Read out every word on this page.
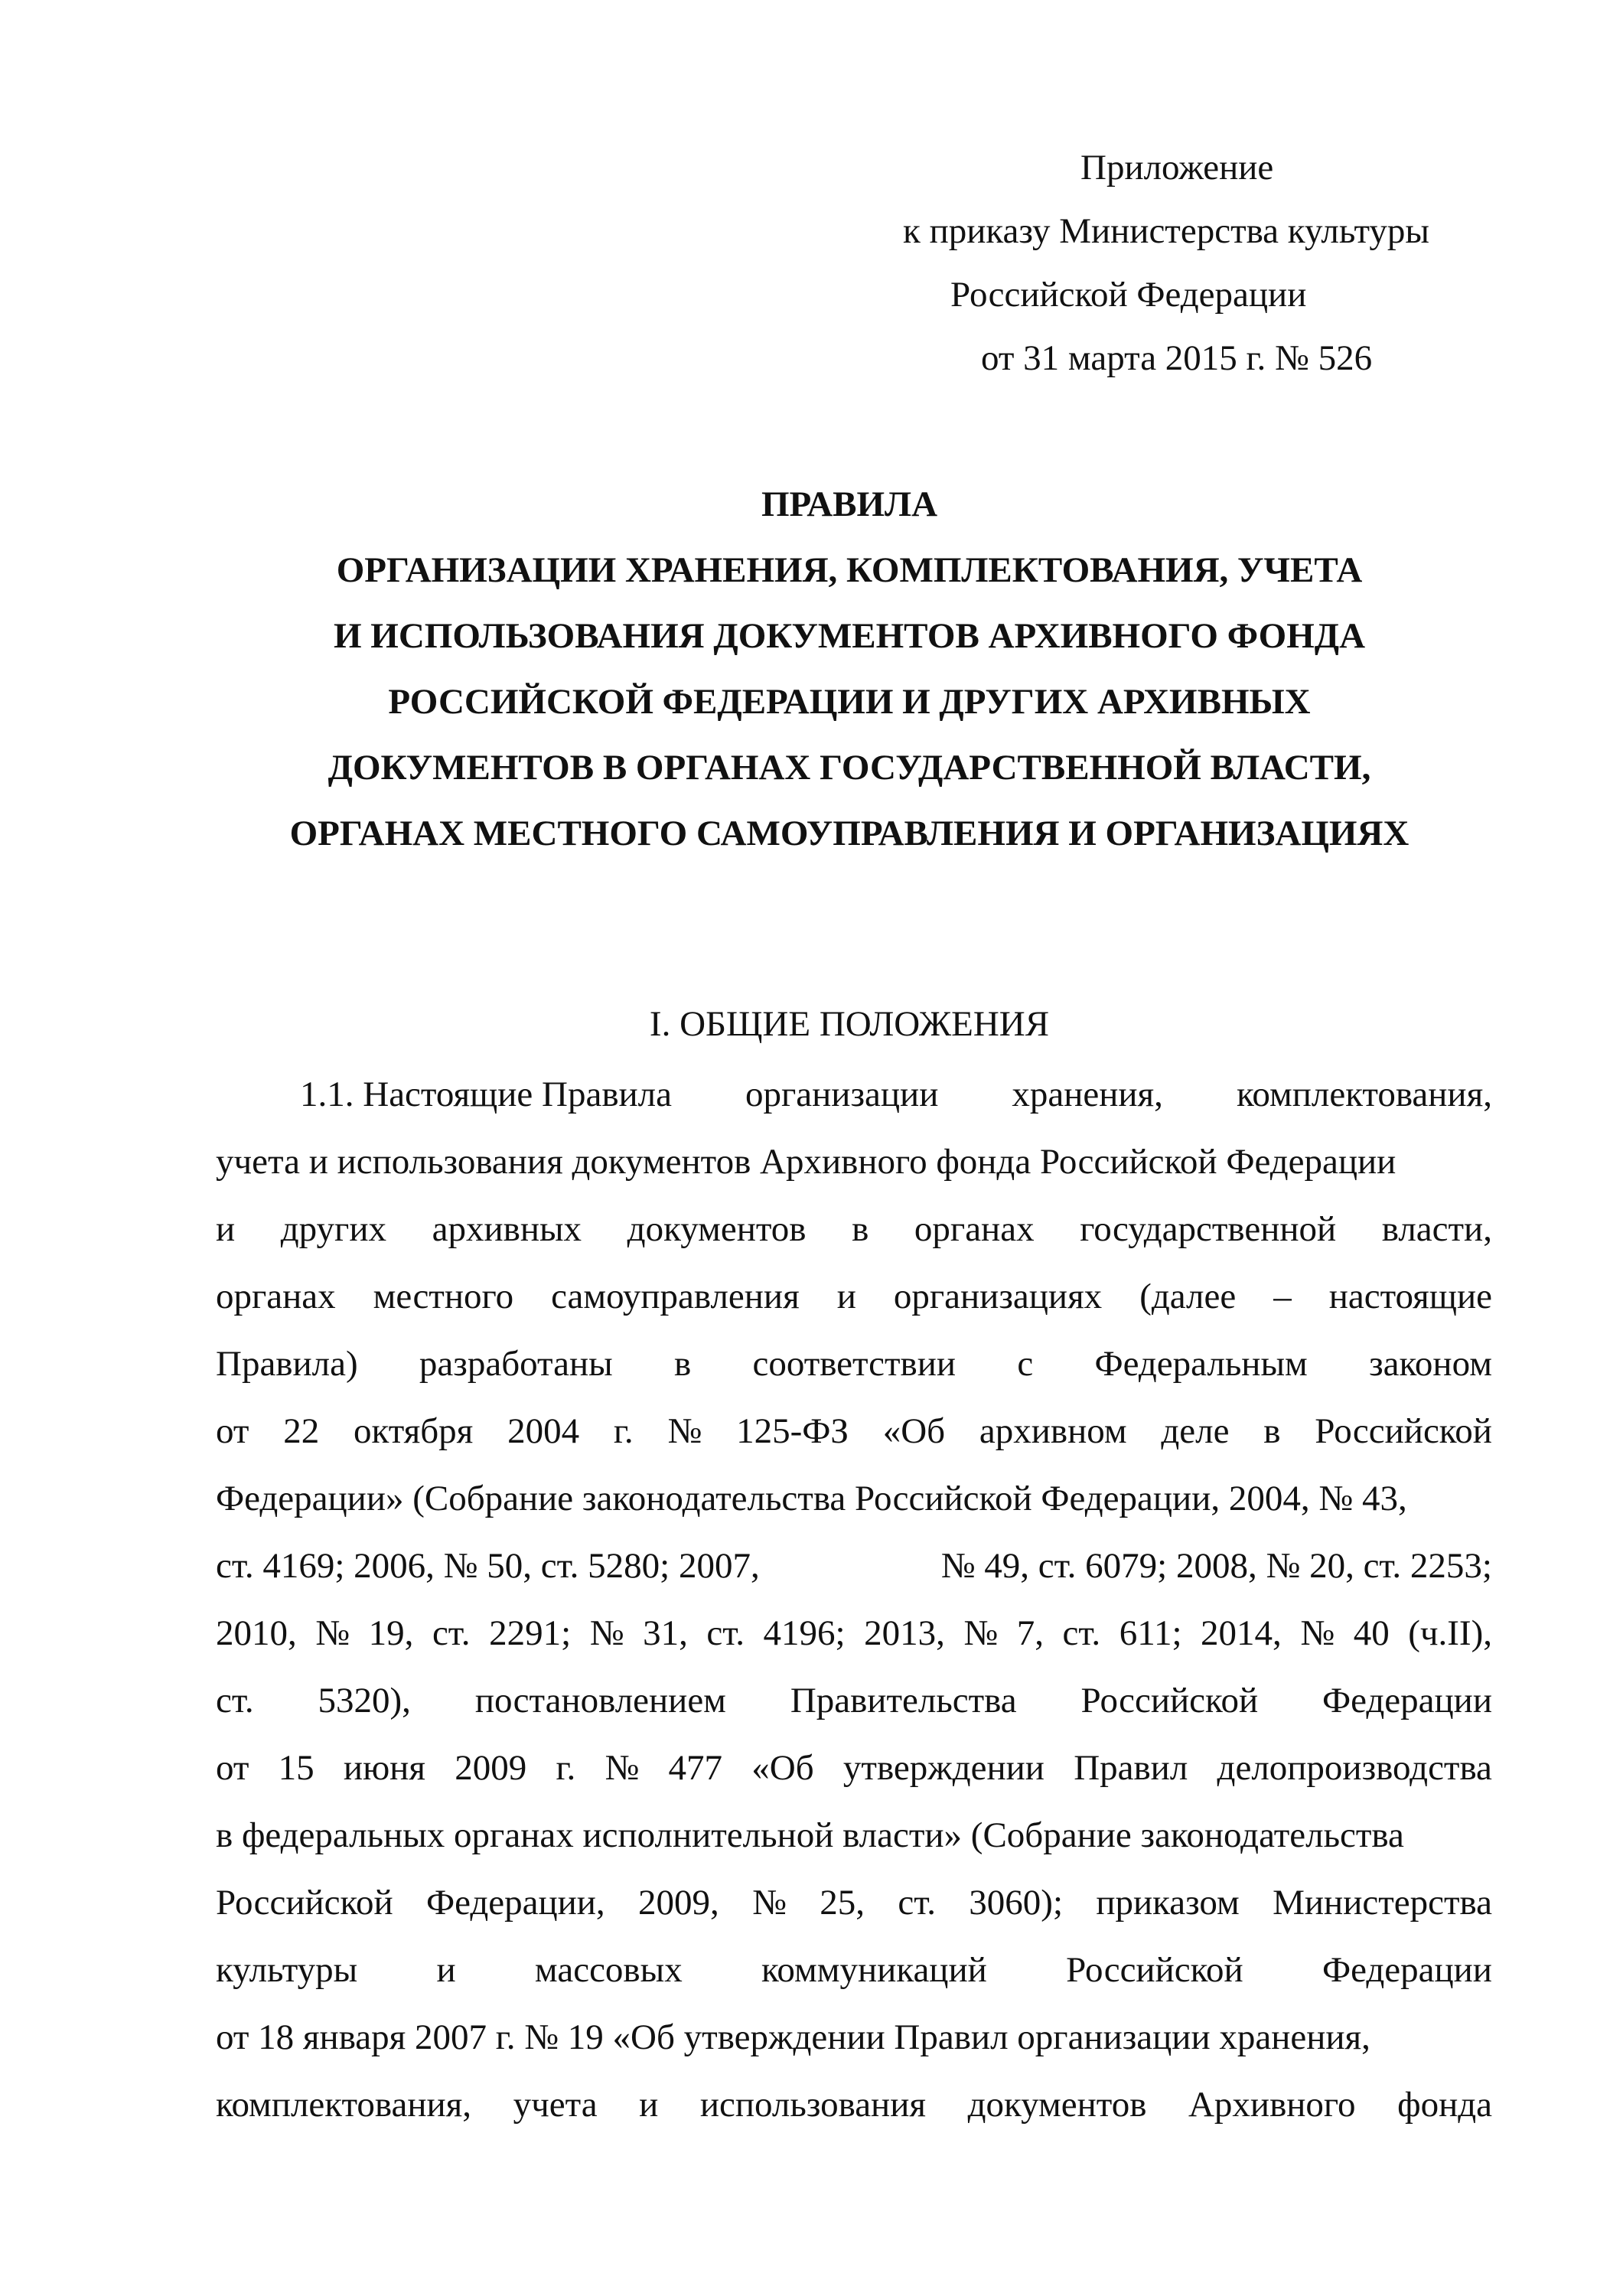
Приложение
к приказу Министерства культуры
Российской Федерации
от 31 марта 2015 г. № 526
ПРАВИЛА
ОРГАНИЗАЦИИ ХРАНЕНИЯ, КОМПЛЕКТОВАНИЯ, УЧЕТА
И ИСПОЛЬЗОВАНИЯ ДОКУМЕНТОВ АРХИВНОГО ФОНДА
РОССИЙСКОЙ ФЕДЕРАЦИИ И ДРУГИХ АРХИВНЫХ
ДОКУМЕНТОВ В ОРГАНАХ ГОСУДАРСТВЕННОЙ ВЛАСТИ,
ОРГАНАХ МЕСТНОГО САМОУПРАВЛЕНИЯ И ОРГАНИЗАЦИЯХ
I. ОБЩИЕ ПОЛОЖЕНИЯ
1.1. Настоящие Правила организации хранения, комплектования,
учета и использования документов Архивного фонда Российской Федерации
и других архивных документов в органах государственной власти,
органах местного самоуправления и организациях (далее – настоящие
Правила) разработаны в соответствии с Федеральным законом
от 22 октября 2004 г. № 125-ФЗ «Об архивном деле в Российской
Федерации» (Собрание законодательства Российской Федерации, 2004, № 43,
ст. 4169; 2006, № 50, ст. 5280; 2007,	№ 49, ст. 6079; 2008, № 20, ст. 2253;
2010, № 19, ст. 2291; № 31, ст. 4196; 2013, № 7, ст. 611; 2014, № 40 (ч.II),
ст. 5320), постановлением Правительства Российской Федерации
от 15 июня 2009 г. № 477 «Об утверждении Правил делопроизводства
в федеральных органах исполнительной власти» (Собрание законодательства
Российской Федерации, 2009, № 25, ст. 3060); приказом Министерства
культуры и массовых коммуникаций Российской Федерации
от 18 января 2007 г. № 19 «Об утверждении Правил организации хранения,
комплектования, учета и использования документов Архивного фонда
